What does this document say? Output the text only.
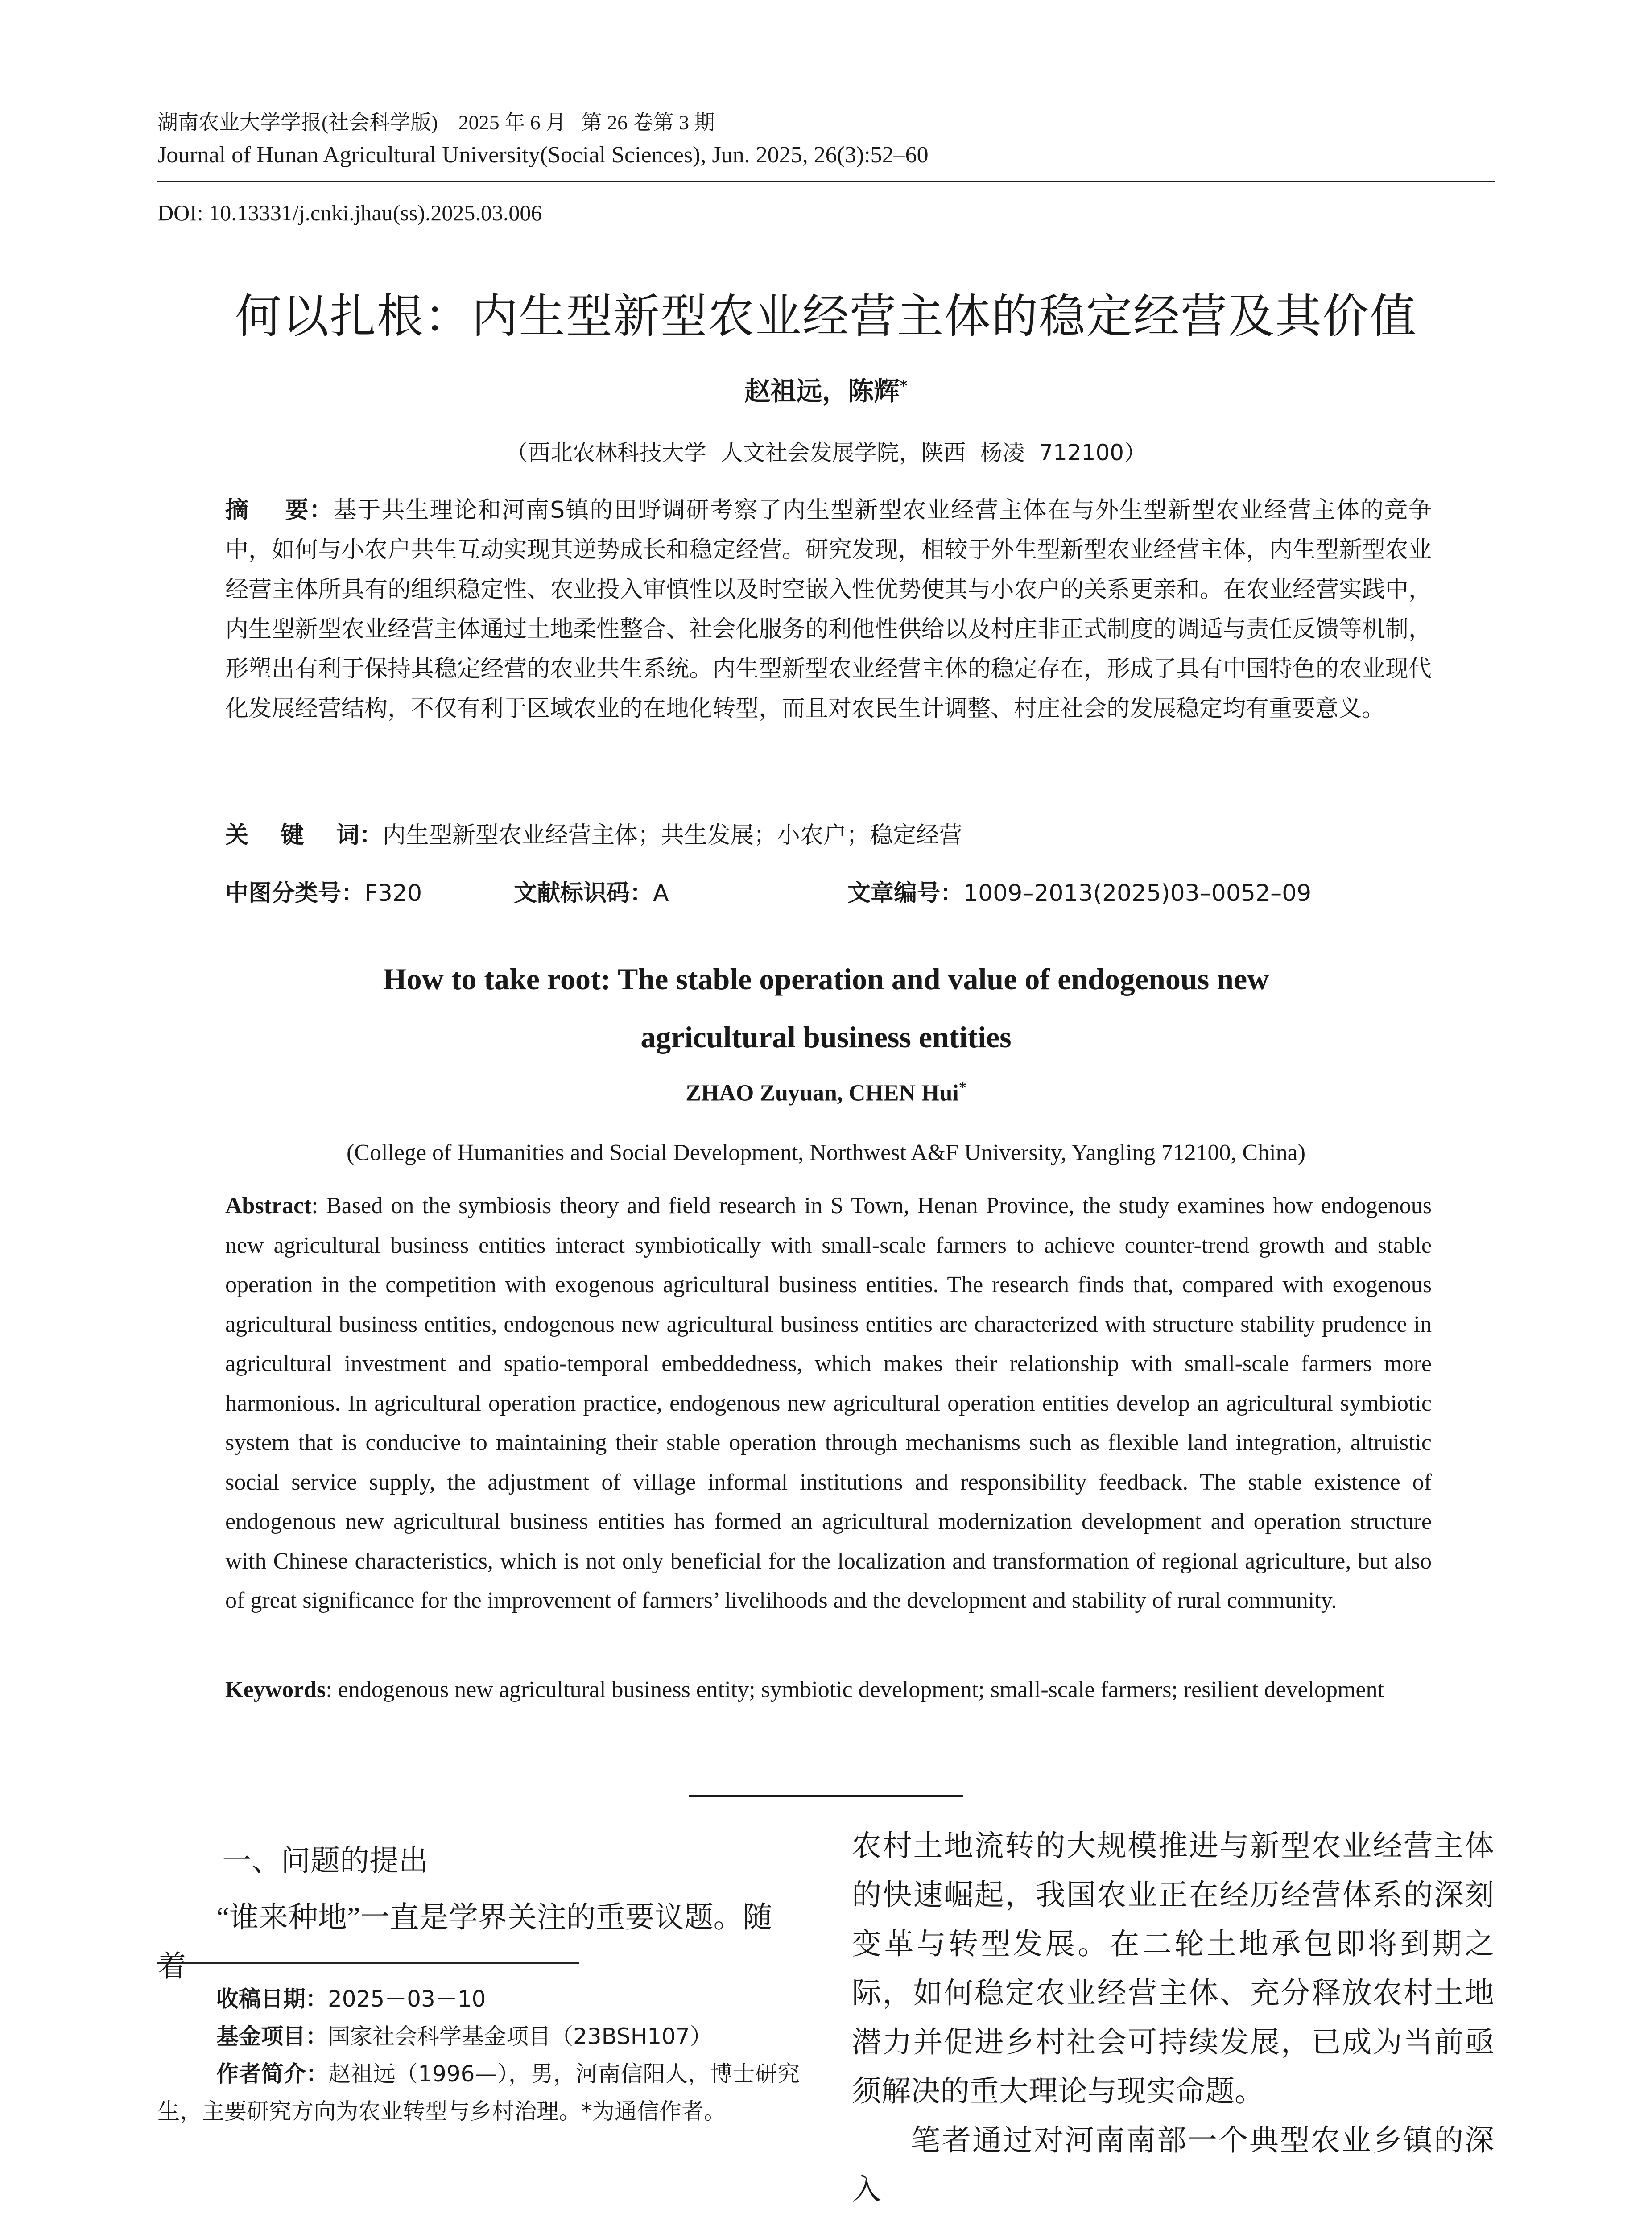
湖南农业大学学报(社会科学版)    2025 年 6 月   第 26 卷第 3 期
Journal of Hunan Agricultural University(Social Sciences), Jun. 2025, 26(3):52–60
DOI: 10.13331/j.cnki.jhau(ss).2025.03.006
何以扎根：内生型新型农业经营主体的稳定经营及其价值
赵祖远，陈辉*
（西北农林科技大学  人文社会发展学院，陕西  杨凌  712100）
摘    要：基于共生理论和河南S镇的田野调研考察了内生型新型农业经营主体在与外生型新型农业经营主体的竞争中，如何与小农户共生互动实现其逆势成长和稳定经营。研究发现，相较于外生型新型农业经营主体，内生型新型农业经营主体所具有的组织稳定性、农业投入审慎性以及时空嵌入性优势使其与小农户的关系更亲和。在农业经营实践中，内生型新型农业经营主体通过土地柔性整合、社会化服务的利他性供给以及村庄非正式制度的调适与责任反馈等机制，形塑出有利于保持其稳定经营的农业共生系统。内生型新型农业经营主体的稳定存在，形成了具有中国特色的农业现代化发展经营结构，不仅有利于区域农业的在地化转型，而且对农民生计调整、村庄社会的发展稳定均有重要意义。
关    键    词：内生型新型农业经营主体；共生发展；小农户；稳定经营
中图分类号：F320	文献标识码：A	文章编号：1009–2013(2025)03–0052–09
How to take root: The stable operation and value of endogenous new
agricultural business entities
ZHAO Zuyuan, CHEN Hui*
(College of Humanities and Social Development, Northwest A&F University, Yangling 712100, China)
Abstract: Based on the symbiosis theory and field research in S Town, Henan Province, the study examines how endogenous new agricultural business entities interact symbiotically with small-scale farmers to achieve counter-trend growth and stable operation in the competition with exogenous agricultural business entities. The research finds that, compared with exogenous agricultural business entities, endogenous new agricultural business entities are characterized with structure stability prudence in agricultural investment and spatio-temporal embeddedness, which makes their relationship with small-scale farmers more harmonious. In agricultural operation practice, endogenous new agricultural operation entities develop an agricultural symbiotic system that is conducive to maintaining their stable operation through mechanisms such as flexible land integration, altruistic social service supply, the adjustment of village informal institutions and responsibility feedback. The stable existence of endogenous new agricultural business entities has formed an agricultural modernization development and operation structure with Chinese characteristics, which is not only beneficial for the localization and transformation of regional agriculture, but also of great significance for the improvement of farmers’ livelihoods and the development and stability of rural community.
Keywords: endogenous new agricultural business entity; symbiotic development; small-scale farmers; resilient development
一、问题的提出

“谁来种地”一直是学界关注的重要议题。随着

收稿日期：2025－03－10
基金项目：国家社会科学基金项目（23BSH107）
作者简介：赵祖远（1996—），男，河南信阳人，博士研究生，主要研究方向为农业转型与乡村治理。*为通信作者。

农村土地流转的大规模推进与新型农业经营主体的快速崛起，我国农业正在经历经营体系的深刻变革与转型发展。在二轮土地承包即将到期之际，如何稳定农业经营主体、充分释放农村土地潜力并促进乡村社会可持续发展，已成为当前亟须解决的重大理论与现实命题。

笔者通过对河南南部一个典型农业乡镇的深入
